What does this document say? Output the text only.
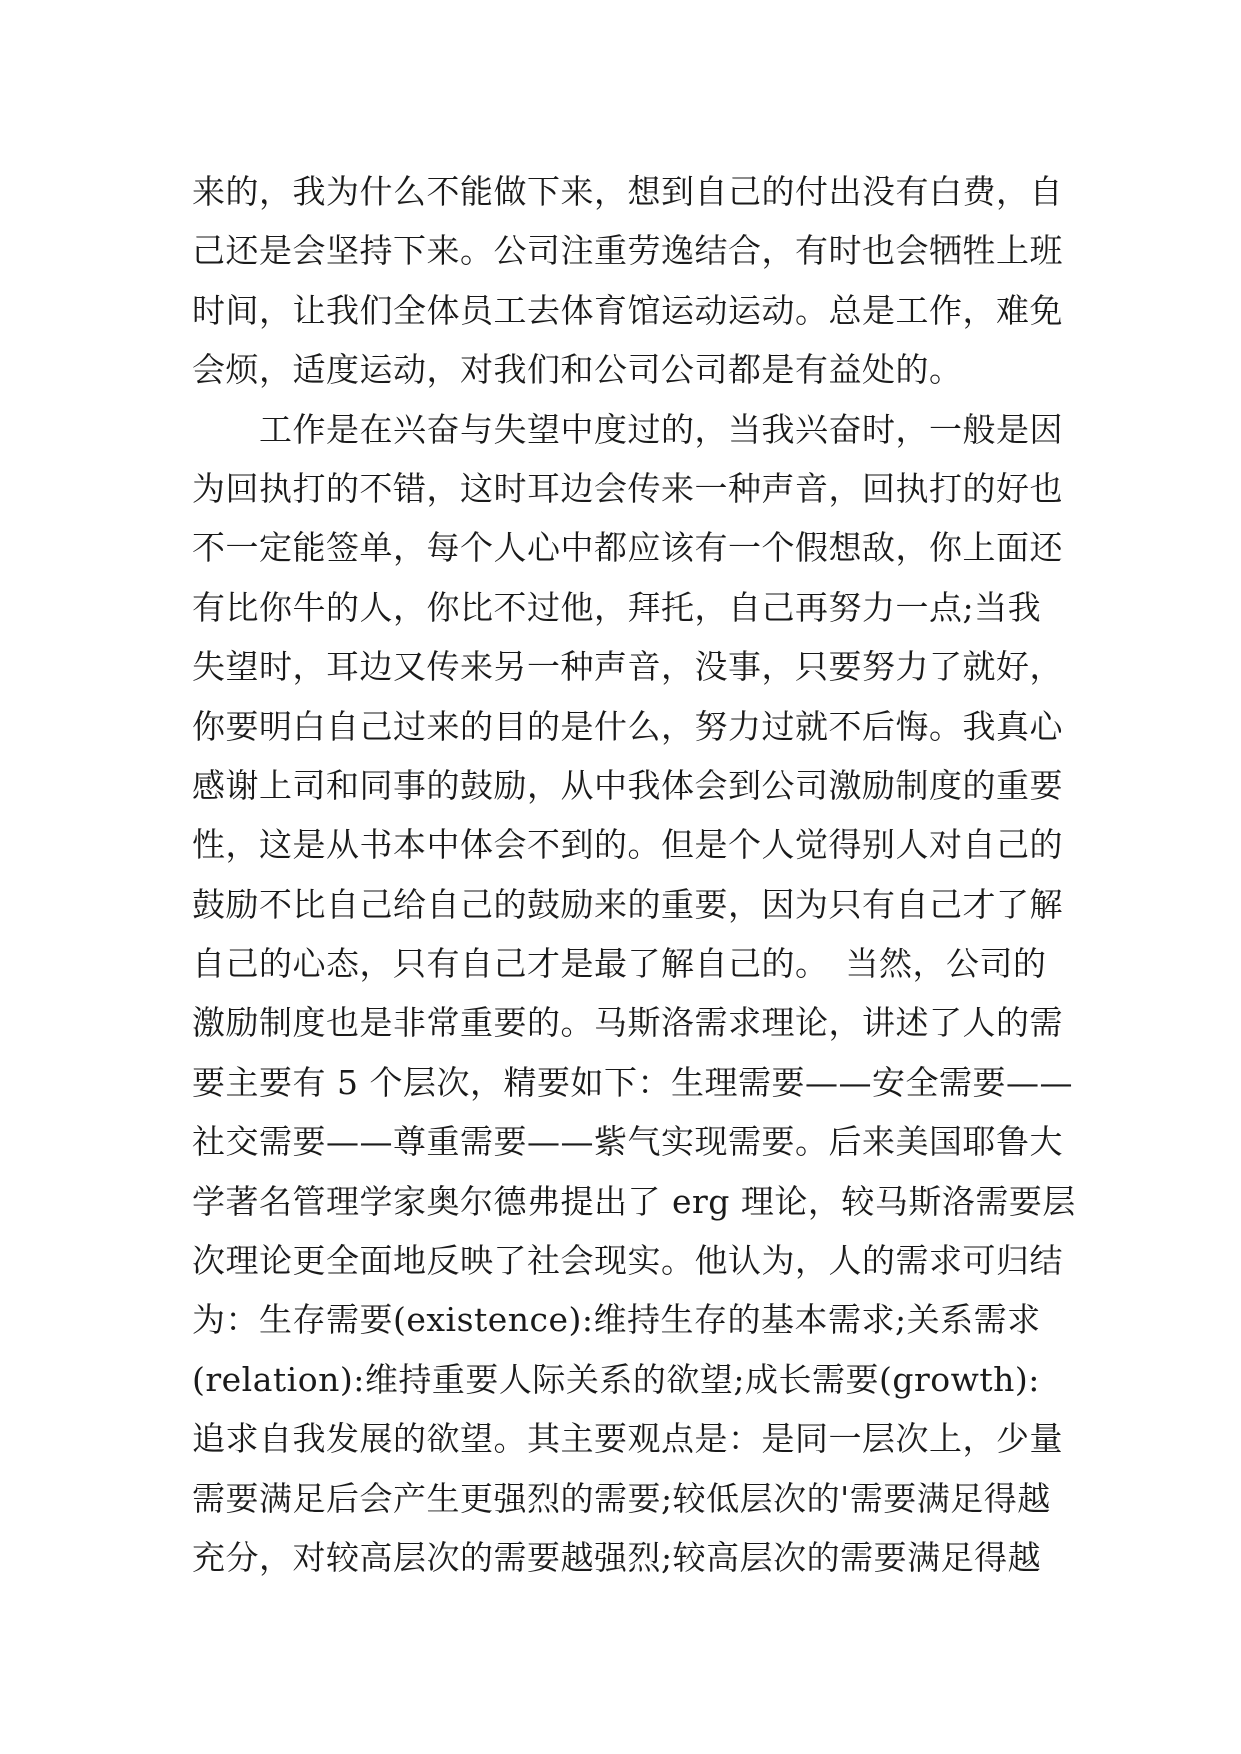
来的，我为什么不能做下来，想到自己的付出没有白费，自
己还是会坚持下来。公司注重劳逸结合，有时也会牺牲上班
时间，让我们全体员工去体育馆运动运动。总是工作，难免
会烦，适度运动，对我们和公司公司都是有益处的。
　　工作是在兴奋与失望中度过的，当我兴奋时，一般是因
为回执打的不错，这时耳边会传来一种声音，回执打的好也
不一定能签单，每个人心中都应该有一个假想敌，你上面还
有比你牛的人，你比不过他，拜托，自己再努力一点;当我
失望时，耳边又传来另一种声音，没事，只要努力了就好，
你要明白自己过来的目的是什么，努力过就不后悔。我真心
感谢上司和同事的鼓励，从中我体会到公司激励制度的重要
性，这是从书本中体会不到的。但是个人觉得别人对自己的
鼓励不比自己给自己的鼓励来的重要，因为只有自己才了解
自己的心态，只有自己才是最了解自己的。　当然，公司的
激励制度也是非常重要的。马斯洛需求理论，讲述了人的需
要主要有 5 个层次，精要如下：生理需要——安全需要——
社交需要——尊重需要——紫气实现需要。后来美国耶鲁大
学著名管理学家奥尔德弗提出了 erg 理论，较马斯洛需要层
次理论更全面地反映了社会现实。他认为，人的需求可归结
为：生存需要(existence):维持生存的基本需求;关系需求
(relation):维持重要人际关系的欲望;成长需要(growth):
追求自我发展的欲望。其主要观点是：是同一层次上，少量
需要满足后会产生更强烈的需要;较低层次的'需要满足得越
充分，对较高层次的需要越强烈;较高层次的需要满足得越
